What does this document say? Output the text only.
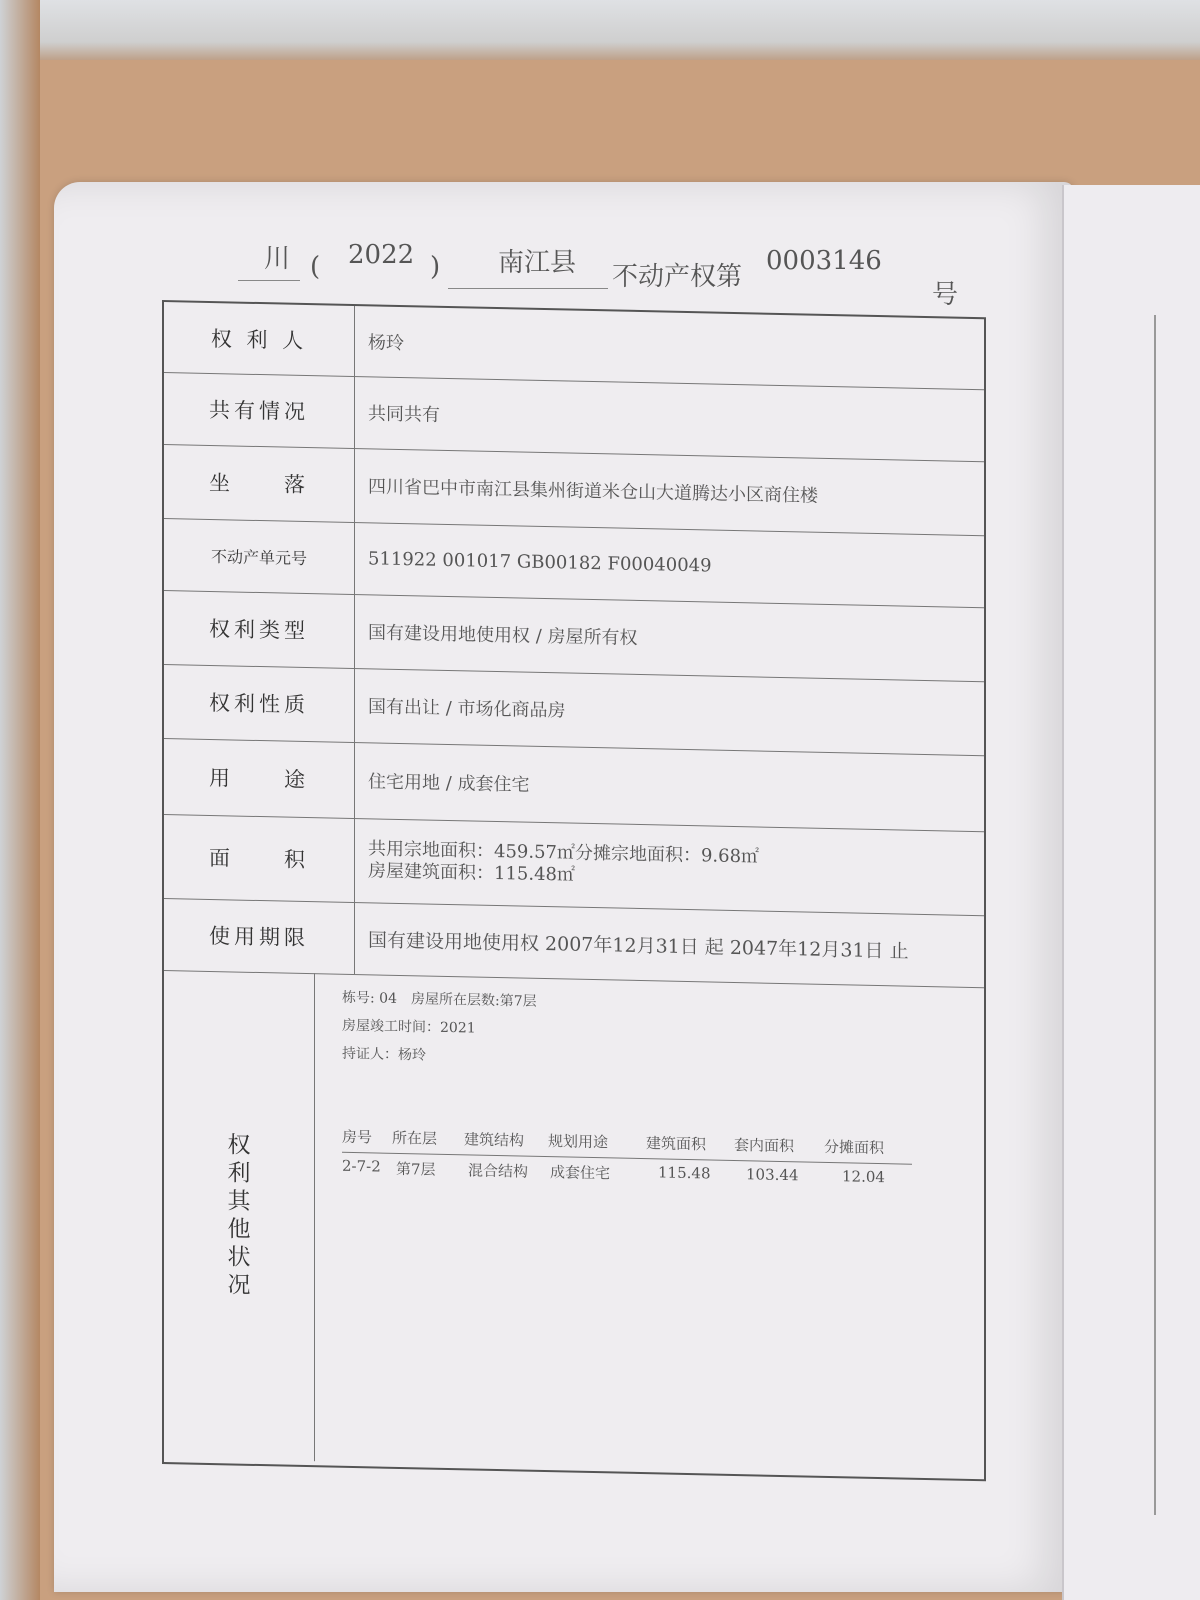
川 ( 2022 ) 南江县 不动产权第
0003146
号
权 利 人	杨玲
共有情况	共同共有
坐　　落	四川省巴中市南江县集州街道米仓山大道腾达小区商住楼
不动产单元号	511922 001017 GB00182 F00040049
权利类型	国有建设用地使用权 / 房屋所有权
权利性质	国有出让 / 市场化商品房
用　　途	住宅用地 / 成套住宅
面　　积	共用宗地面积：459.57㎡分摊宗地面积：9.68㎡
房屋建筑面积：115.48㎡
使用期限	国有建设用地使用权 2007年12月31日 起 2047年12月31日 止
权
利
其
他
状
况
栋号: 04　房屋所在层数:第7层
房屋竣工时间：2021
持证人：杨玲
房号 所在层 建筑结构 规划用途	建筑面积 套内面积 分摊面积
2-7-2 第7层 混合结构 成套住宅	115.48 103.44	12.04
